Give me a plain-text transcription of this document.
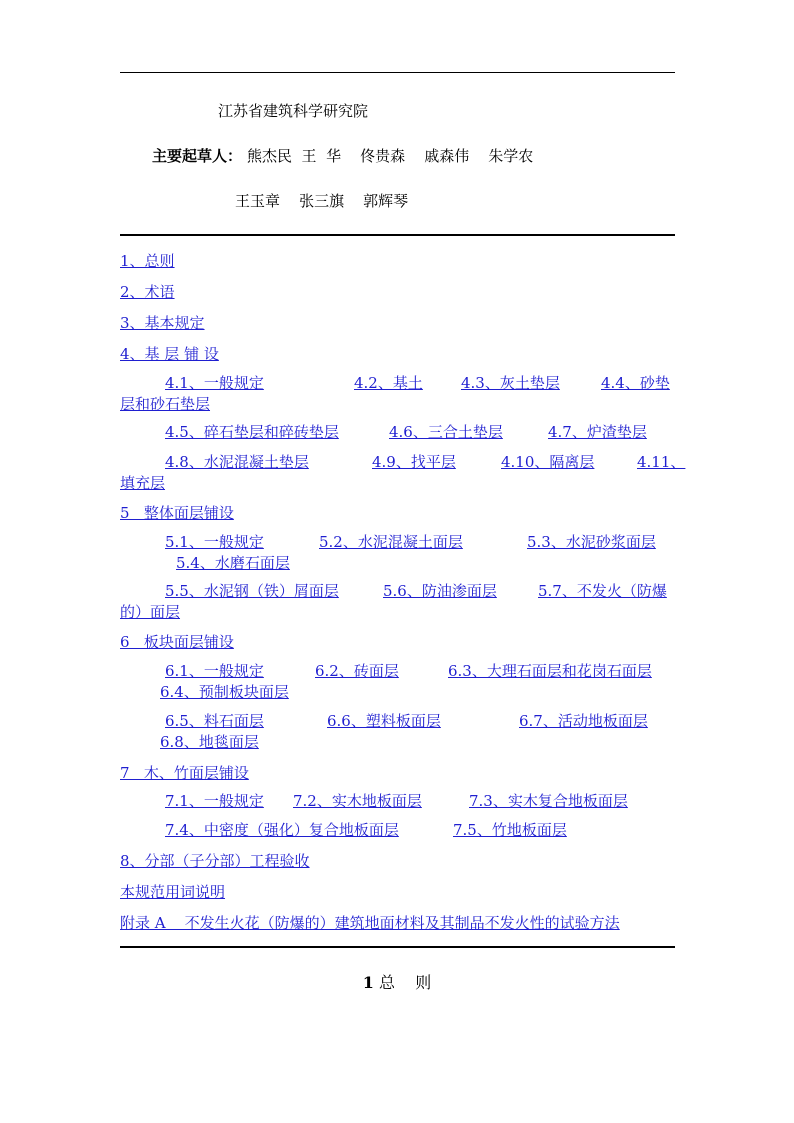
江苏省建筑科学研究院
主要起草人： 熊杰民  王  华    佟贵森    戚森伟    朱学农
王玉章    张三旗    郭辉琴
1、总则
2、术语
3、基本规定
4、基 层 铺 设
4.1、一般规定	4.2、基土	4.3、灰土垫层	4.4、砂垫
层和砂石垫层
4.5、碎石垫层和碎砖垫层	4.6、三合土垫层	4.7、炉渣垫层
4.8、水泥混凝土垫层	4.9、找平层	4.10、隔离层	4.11、
填充层
5   整体面层铺设
5.1、一般规定	5.2、水泥混凝土面层	5.3、水泥砂浆面层
5.4、水磨石面层
5.5、水泥钢（铁）屑面层	5.6、防油渗面层	5.7、不发火（防爆
的）面层
6   板块面层铺设
6.1、一般规定	6.2、砖面层	6.3、大理石面层和花岗石面层
6.4、预制板块面层
6.5、料石面层	6.6、塑料板面层	6.7、活动地板面层
6.8、地毯面层
7   木、竹面层铺设
7.1、一般规定 7.2、实木地板面层	7.3、实木复合地板面层
7.4、中密度（强化）复合地板面层	7.5、竹地板面层
8、分部（子分部）工程验收
本规范用词说明
附录 A    不发生火花（防爆的）建筑地面材料及其制品不发火性的试验方法
1 总    则
